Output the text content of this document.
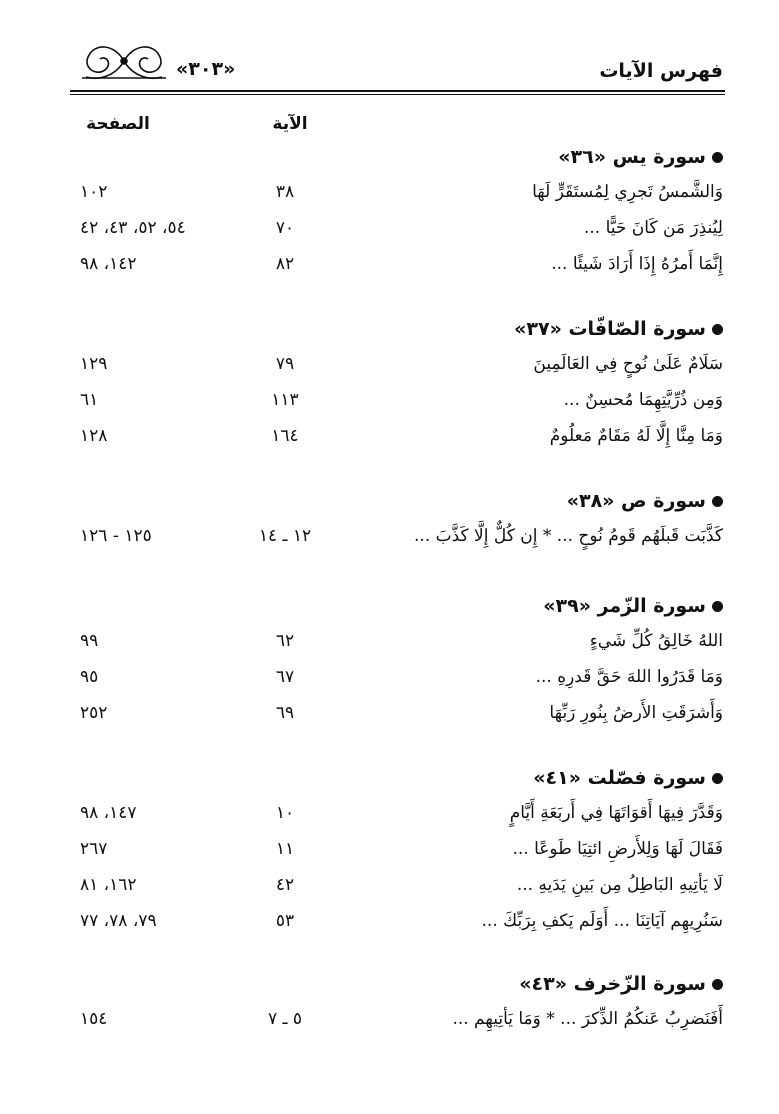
فهرس الآيات
«٣٠٣»
الآية
الصفحة
سورة يس «٣٦»
وَالشَّمسُ تَجرِي لِمُستَقَرٍّ لَهَا
٣٨
١٠٢
لِيُنذِرَ مَن كَانَ حَيًّا ...
٧٠
٥٤، ٥٢، ٤٣، ٤٢
إِنَّمَا أَمرُهُ إِذَا أَرَادَ شَيئًا ...
٨٢
١٤٢، ٩٨
سورة الصّافّات «٣٧»
سَلَامٌ عَلَىٰ نُوحٍ فِي العَالَمِينَ
٧٩
١٢٩
وَمِن ذُرِّيَّتِهِمَا مُحسِنٌ ...
١١٣
٦١
وَمَا مِنَّا إِلَّا لَهُ مَقَامٌ مَعلُومٌ
١٦٤
١٢٨
سورة ص «٣٨»
كَذَّبَت قَبلَهُم قَومُ نُوحٍ ... * إِن كُلٌّ إِلَّا كَذَّبَ ...
١٢ ـ ١٤
١٢٥ - ١٢٦
سورة الزّمر «٣٩»
اللهُ خَالِقُ كُلِّ شَيءٍ
٦٢
٩٩
وَمَا قَدَرُوا اللهَ حَقَّ قَدرِهِ ...
٦٧
٩٥
وَأَشرَقَتِ الأَرضُ بِنُورِ رَبِّهَا
٦٩
٢٥٢
سورة فصّلت «٤١»
وَقَدَّرَ فِيهَا أَقوَاتَهَا فِي أَربَعَةِ أَيَّامٍ
١٠
١٤٧، ٩٨
فَقَالَ لَهَا وَلِلأَرضِ ائتِيَا طَوعًا ...
١١
٢٦٧
لَا يَأتِيهِ البَاطِلُ مِن بَينِ يَدَيهِ ...
٤٢
١٦٢، ٨١
سَنُرِيهِم آيَاتِنَا ... أَوَلَم يَكفِ بِرَبِّكَ ...
٥٣
٧٩، ٧٨، ٧٧
سورة الزّخرف «٤٣»
أَفَنَضرِبُ عَنكُمُ الذِّكرَ ... * وَمَا يَأتِيهِم ...
٥ ـ ٧
١٥٤
